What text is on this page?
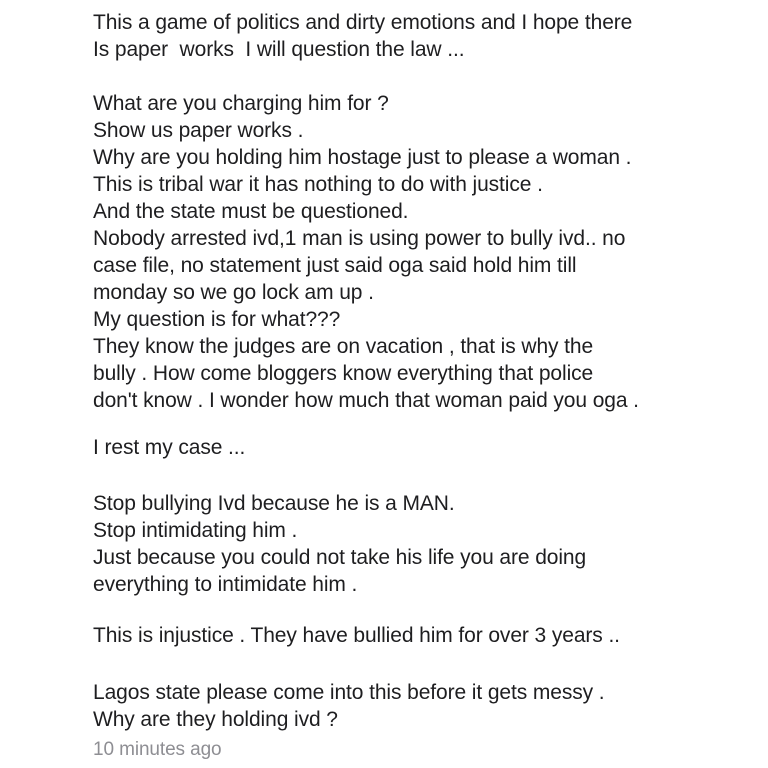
This a game of politics and dirty emotions and I hope there
Is paper  works  I will question the law ...
What are you charging him for ?
Show us paper works .
Why are you holding him hostage just to please a woman .
This is tribal war it has nothing to do with justice .
And the state must be questioned.
Nobody arrested ivd,1 man is using power to bully ivd.. no
case file, no statement just said oga said hold him till
monday so we go lock am up .
My question is for what???
They know the judges are on vacation , that is why the
bully . How come bloggers know everything that police
don't know . I wonder how much that woman paid you oga .
I rest my case ...
Stop bullying Ivd because he is a MAN.
Stop intimidating him .
Just because you could not take his life you are doing
everything to intimidate him .
This is injustice . They have bullied him for over 3 years ..
Lagos state please come into this before it gets messy .
Why are they holding ivd ?
10 minutes ago
